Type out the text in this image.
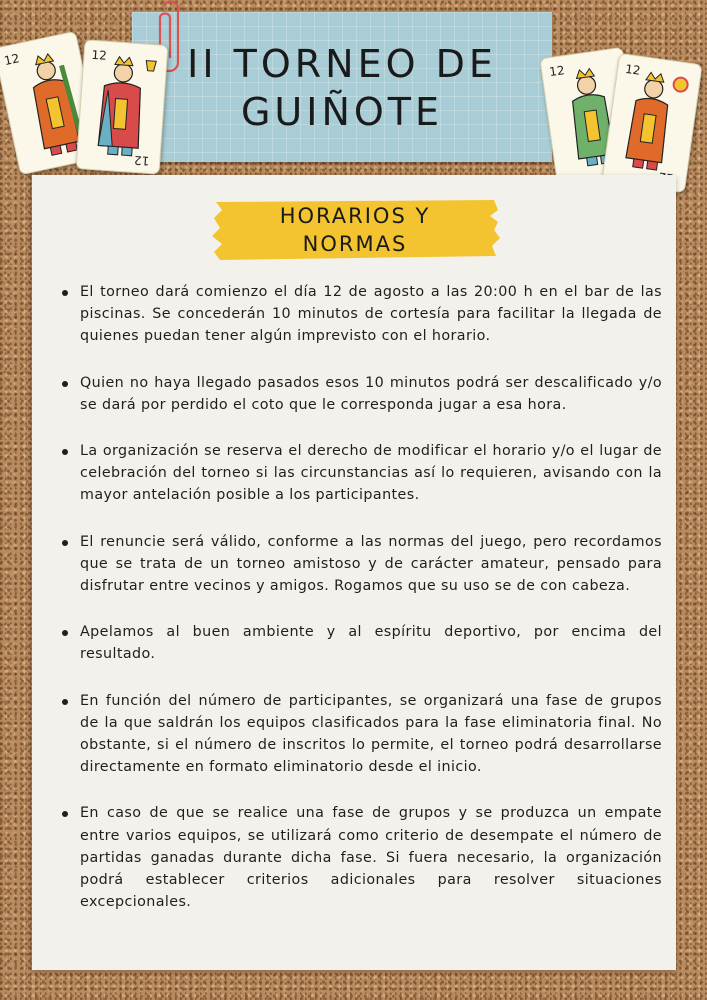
II TORNEO DE
GUIÑOTE
12	12
12
12	12
HORARIOS Y
NORMAS
El torneo dará comienzo el día 12 de agosto a las 20:00 h en el bar de las piscinas. Se concederán 10 minutos de cortesía para facilitar la llegada de quienes puedan tener algún imprevisto con el horario.
Quien no haya llegado pasados esos 10 minutos podrá ser descalificado y/o se dará por perdido el coto que le corresponda jugar a esa hora.
La organización se reserva el derecho de modificar el horario y/o el lugar de celebración del torneo si las circunstancias así lo requieren, avisando con la mayor antelación posible a los participantes.
El renuncie será válido, conforme a las normas del juego, pero recordamos que se trata de un torneo amistoso y de carácter amateur, pensado para disfrutar entre vecinos y amigos. Rogamos que su uso se de con cabeza.
Apelamos al buen ambiente y al espíritu deportivo, por encima del resultado.
En función del número de participantes, se organizará una fase de grupos de la que saldrán los equipos clasificados para la fase eliminatoria final. No obstante, si el número de inscritos lo permite, el torneo podrá desarrollarse directamente en formato eliminatorio desde el inicio.
En caso de que se realice una fase de grupos y se produzca un empate entre varios equipos, se utilizará como criterio de desempate el número de partidas ganadas durante dicha fase. Si fuera necesario, la organización podrá establecer criterios adicionales para resolver situaciones excepcionales.
